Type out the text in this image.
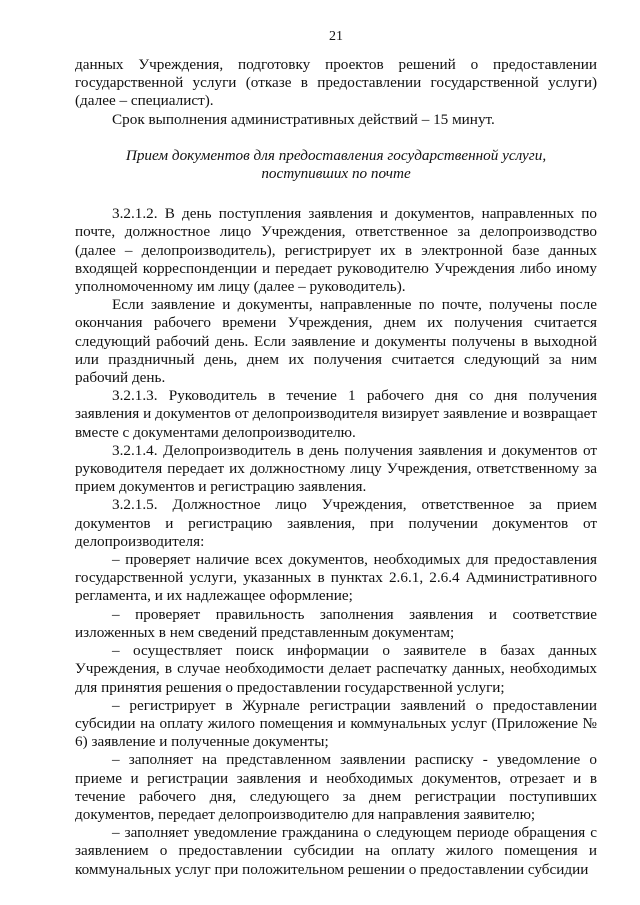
21

данных Учреждения, подготовку проектов решений о предоставлении государственной услуги (отказе в предоставлении государственной услуги) (далее – специалист).

Срок выполнения административных действий – 15 минут.

Прием документов для предоставления государственной услуги, поступивших по почте

3.2.1.2. В день поступления заявления и документов, направленных по почте, должностное лицо Учреждения, ответственное за делопроизводство (далее – делопроизводитель), регистрирует их в электронной базе данных входящей корреспонденции и передает руководителю Учреждения либо иному уполномоченному им лицу (далее – руководитель).

Если заявление и документы, направленные по почте, получены после окончания рабочего времени Учреждения, днем их получения считается следующий рабочий день. Если заявление и документы получены в выходной или праздничный день, днем их получения считается следующий за ним рабочий день.

3.2.1.3. Руководитель в течение 1 рабочего дня со дня получения заявления и документов от делопроизводителя визирует заявление и возвращает вместе с документами делопроизводителю.

3.2.1.4. Делопроизводитель в день получения заявления и документов от руководителя передает их должностному лицу Учреждения, ответственному за прием документов и регистрацию заявления.

3.2.1.5. Должностное лицо Учреждения, ответственное за прием документов и регистрацию заявления, при получении документов от делопроизводителя:

– проверяет наличие всех документов, необходимых для предоставления государственной услуги, указанных в пунктах 2.6.1, 2.6.4 Административного регламента, и их надлежащее оформление;

– проверяет правильность заполнения заявления и соответствие изложенных в нем сведений представленным документам;

– осуществляет поиск информации о заявителе в базах данных Учреждения, в случае необходимости делает распечатку данных, необходимых для принятия решения о предоставлении государственной услуги;

– регистрирует в Журнале регистрации заявлений о предоставлении субсидии на оплату жилого помещения и коммунальных услуг (Приложение № 6) заявление и полученные документы;

– заполняет на представленном заявлении расписку - уведомление о приеме и регистрации заявления и необходимых документов, отрезает и в течение рабочего дня, следующего за днем регистрации поступивших документов, передает делопроизводителю для направления заявителю;

– заполняет уведомление гражданина о следующем периоде обращения с заявлением о предоставлении субсидии на оплату жилого помещения и коммунальных услуг при положительном решении о предоставлении субсидии
